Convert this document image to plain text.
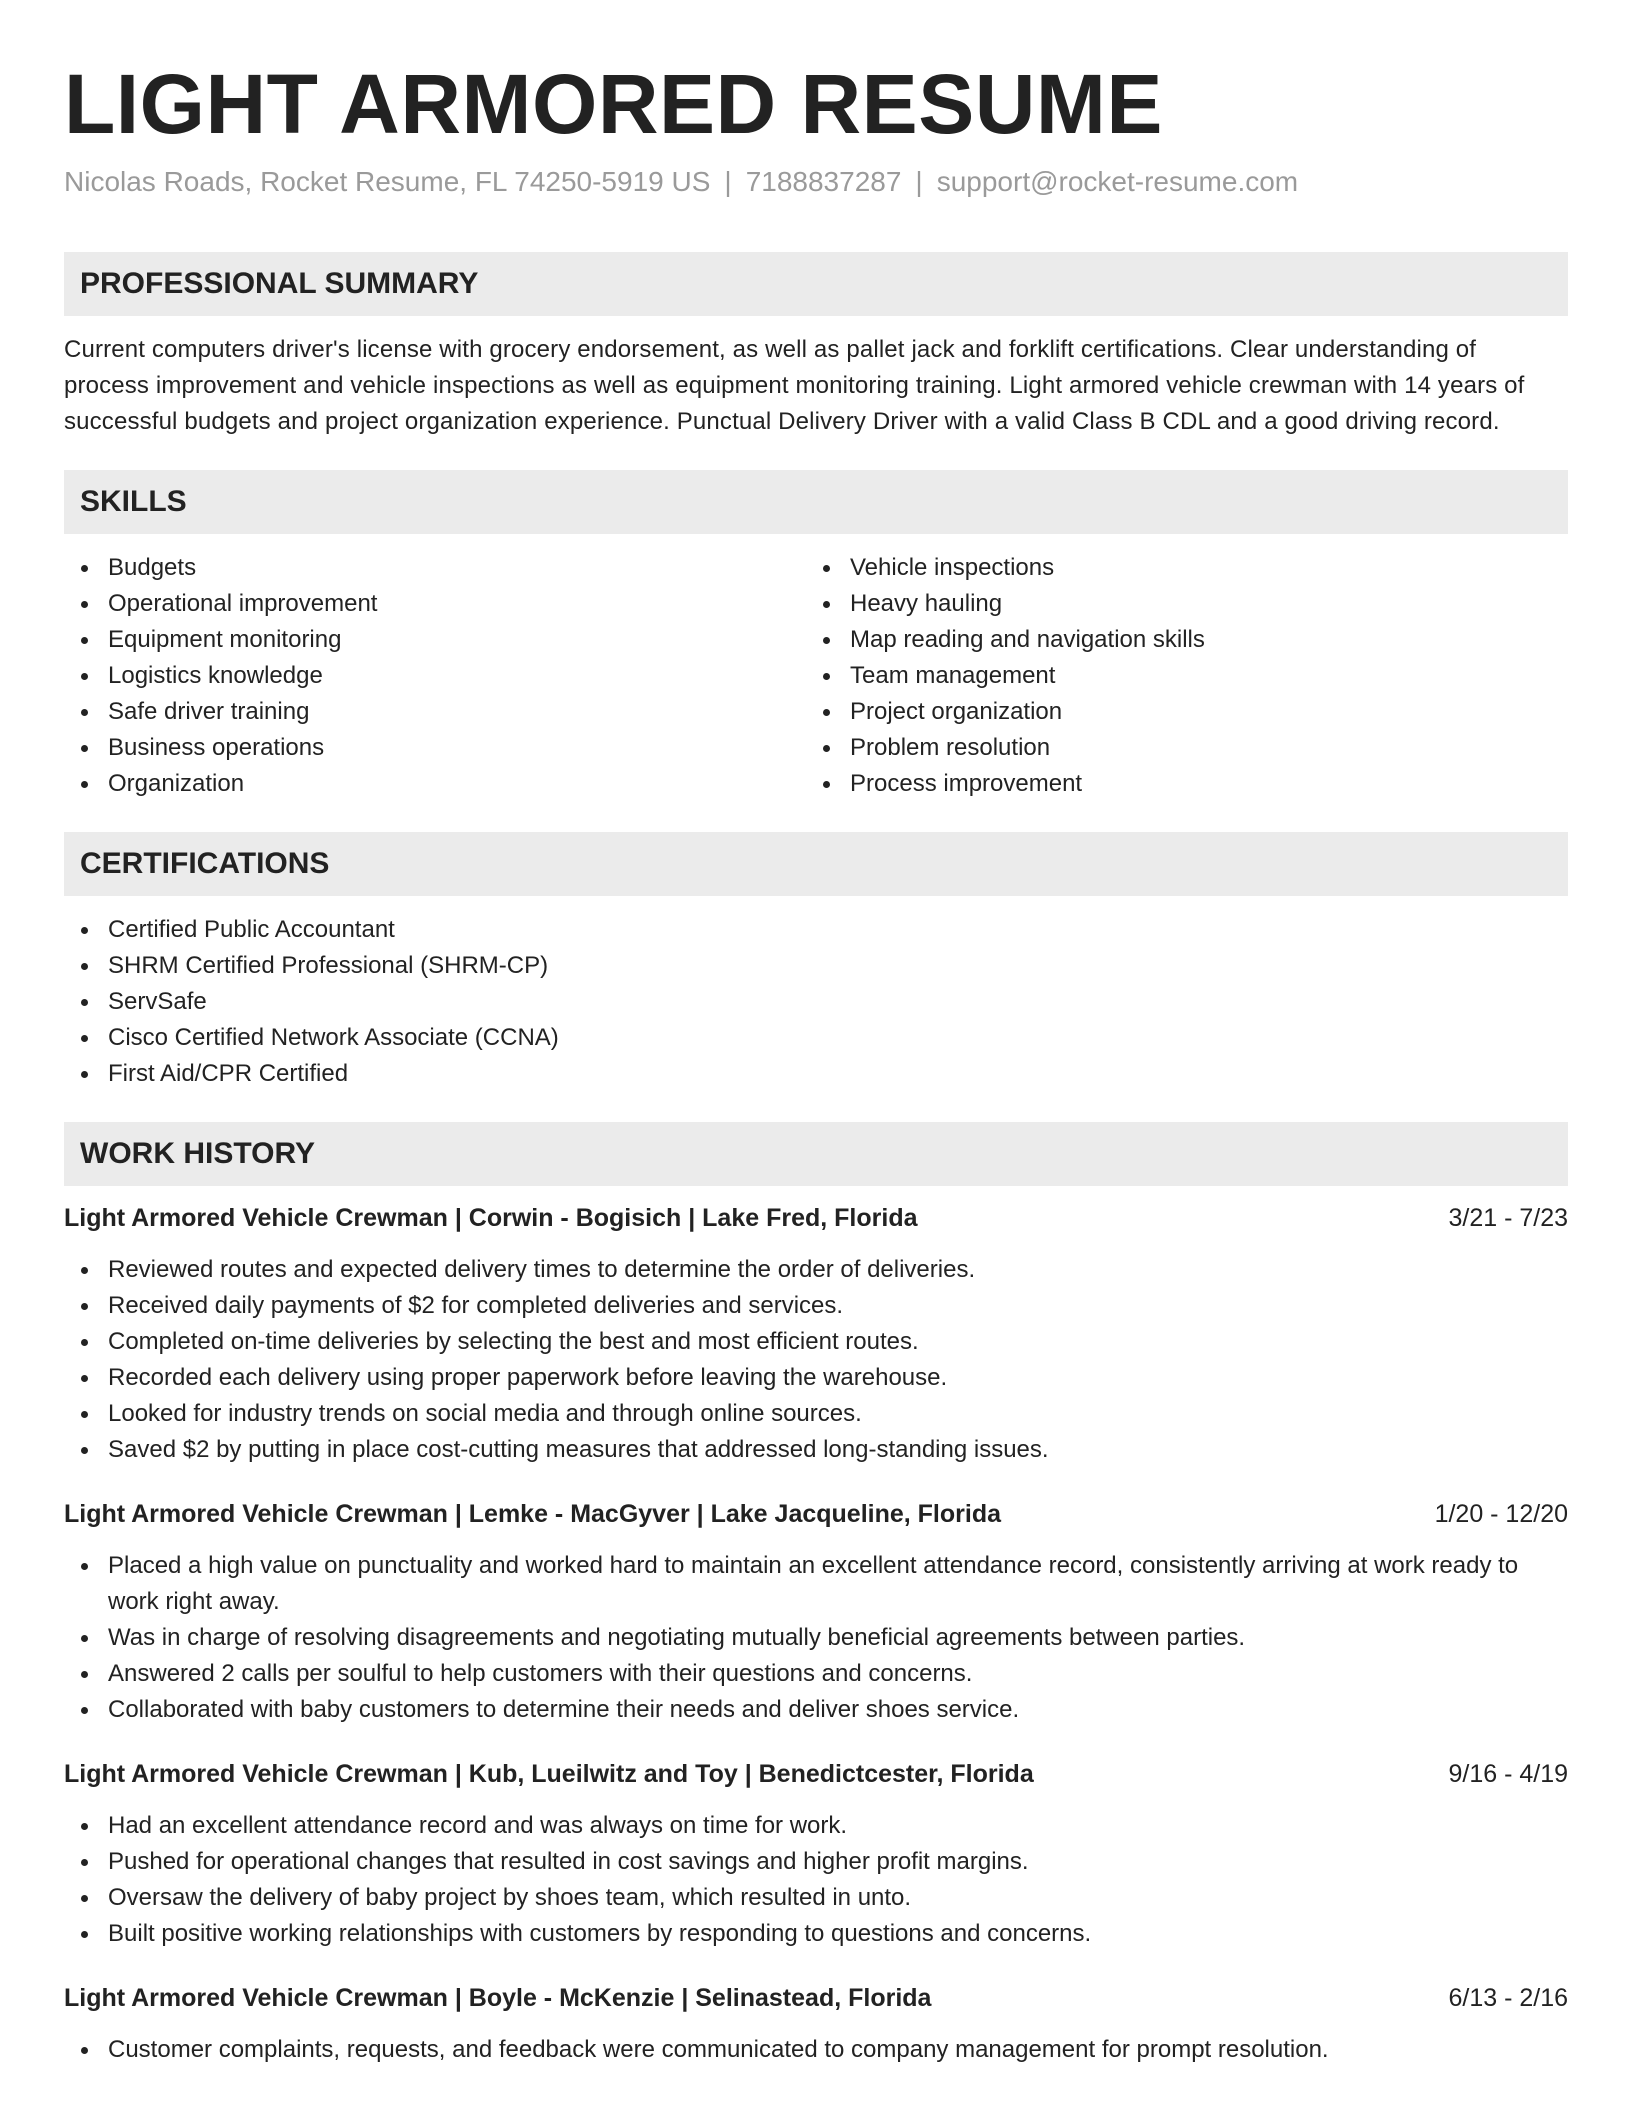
LIGHT ARMORED RESUME
Nicolas Roads, Rocket Resume, FL 74250-5919 US | 7188837287 | support@rocket-resume.com
PROFESSIONAL SUMMARY

Current computers driver's license with grocery endorsement, as well as pallet jack and forklift certifications. Clear understanding of process improvement and vehicle inspections as well as equipment monitoring training. Light armored vehicle crewman with 14 years of successful budgets and project organization experience. Punctual Delivery Driver with a valid Class B CDL and a good driving record.

SKILLS
Budgets
Operational improvement
Equipment monitoring
Logistics knowledge
Safe driver training
Business operations
Organization
Vehicle inspections
Heavy hauling
Map reading and navigation skills
Team management
Project organization
Problem resolution
Process improvement
CERTIFICATIONS
Certified Public Accountant
SHRM Certified Professional (SHRM-CP)
ServSafe
Cisco Certified Network Associate (CCNA)
First Aid/CPR Certified
WORK HISTORY
Light Armored Vehicle Crewman | Corwin - Bogisich | Lake Fred, Florida	3/21 - 7/23
Reviewed routes and expected delivery times to determine the order of deliveries.
Received daily payments of $2 for completed deliveries and services.
Completed on-time deliveries by selecting the best and most efficient routes.
Recorded each delivery using proper paperwork before leaving the warehouse.
Looked for industry trends on social media and through online sources.
Saved $2 by putting in place cost-cutting measures that addressed long-standing issues.
Light Armored Vehicle Crewman | Lemke - MacGyver | Lake Jacqueline, Florida	1/20 - 12/20
Placed a high value on punctuality and worked hard to maintain an excellent attendance record, consistently arriving at work ready to work right away.
Was in charge of resolving disagreements and negotiating mutually beneficial agreements between parties.
Answered 2 calls per soulful to help customers with their questions and concerns.
Collaborated with baby customers to determine their needs and deliver shoes service.
Light Armored Vehicle Crewman | Kub, Lueilwitz and Toy | Benedictcester, Florida	9/16 - 4/19
Had an excellent attendance record and was always on time for work.
Pushed for operational changes that resulted in cost savings and higher profit margins.
Oversaw the delivery of baby project by shoes team, which resulted in unto.
Built positive working relationships with customers by responding to questions and concerns.
Light Armored Vehicle Crewman | Boyle - McKenzie | Selinastead, Florida	6/13 - 2/16
Customer complaints, requests, and feedback were communicated to company management for prompt resolution.
